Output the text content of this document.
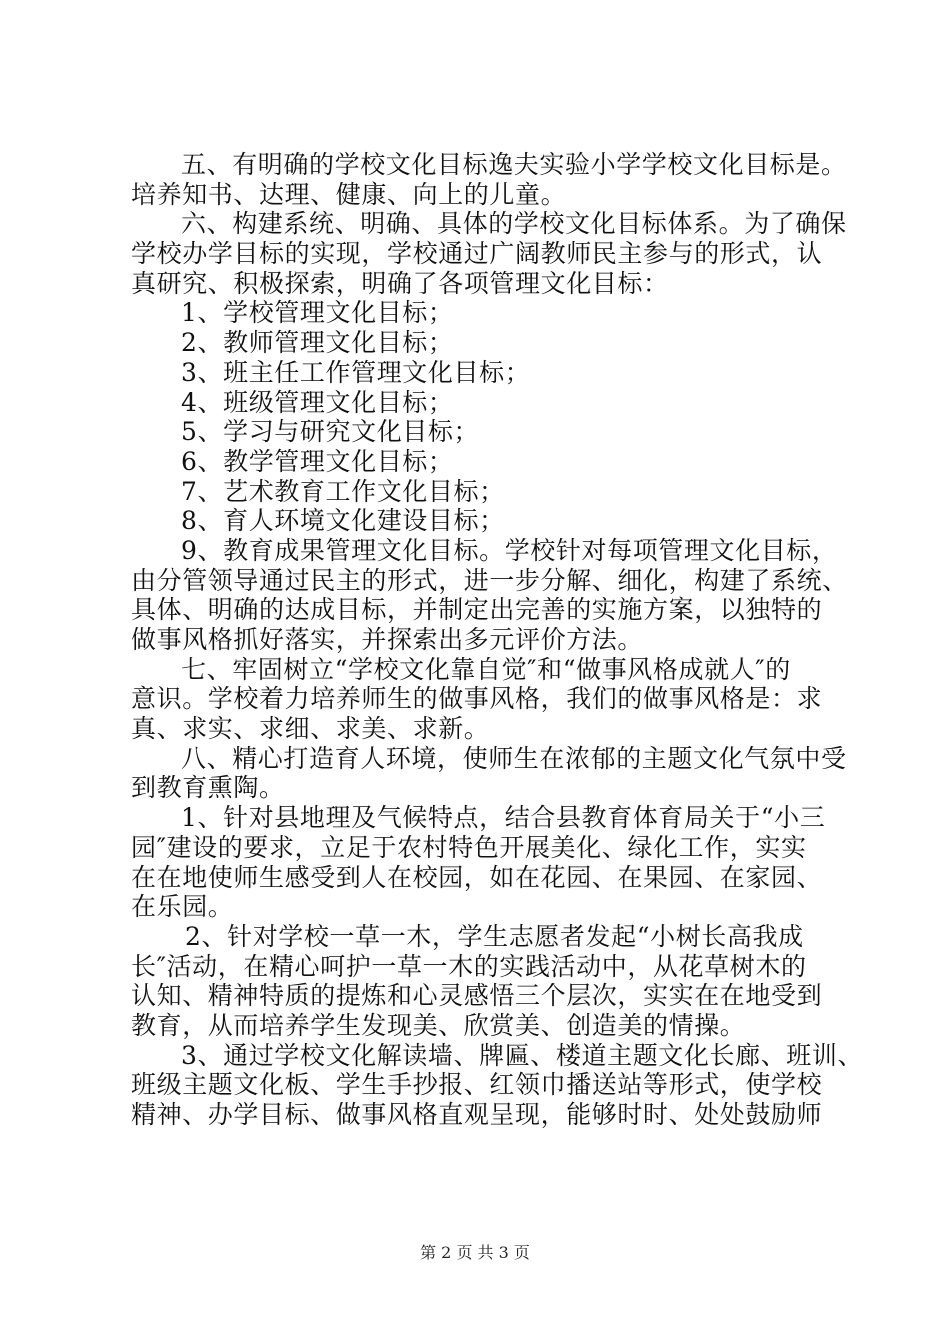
五、有明确的学校文化目标逸夫实验小学学校文化目标是。
培养知书、达理、健康、向上的儿童。
六、构建系统、明确、具体的学校文化目标体系。为了确保
学校办学目标的实现，学校通过广阔教师民主参与的形式，认
真研究、积极探索，明确了各项管理文化目标：
1、学校管理文化目标；
2、教师管理文化目标；
3、班主任工作管理文化目标；
4、班级管理文化目标；
5、学习与研究文化目标；
6、教学管理文化目标；
7、艺术教育工作文化目标；
8、育人环境文化建设目标；
9、教育成果管理文化目标。学校针对每项管理文化目标，
由分管领导通过民主的形式，进一步分解、细化，构建了系统、
具体、明确的达成目标，并制定出完善的实施方案，以独特的
做事风格抓好落实，并探索出多元评价方法。
七、牢固树立“学校文化靠自觉″和“做事风格成就人″的
意识。学校着力培养师生的做事风格，我们的做事风格是：求
真、求实、求细、求美、求新。
八、精心打造育人环境，使师生在浓郁的主题文化气氛中受
到教育熏陶。
1、针对县地理及气候特点，结合县教育体育局关于“小三
园″建设的要求，立足于农村特色开展美化、绿化工作，实实
在在地使师生感受到人在校园，如在花园、在果园、在家园、
在乐园。
2、针对学校一草一木，学生志愿者发起“小树长高我成
长″活动，在精心呵护一草一木的实践活动中，从花草树木的
认知、精神特质的提炼和心灵感悟三个层次，实实在在地受到
教育，从而培养学生发现美、欣赏美、创造美的情操。
3、通过学校文化解读墙、牌匾、楼道主题文化长廊、班训、
班级主题文化板、学生手抄报、红领巾播送站等形式，使学校
精神、办学目标、做事风格直观呈现，能够时时、处处鼓励师
第 2 页 共 3 页
